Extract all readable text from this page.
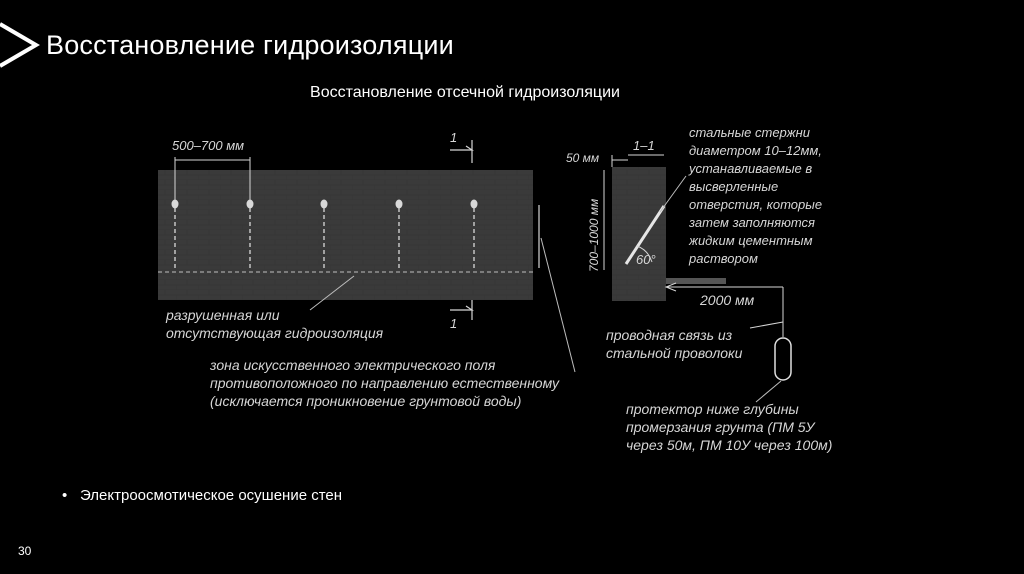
Восстановление гидроизоляции
Восстановление отсечной гидроизоляции
500–700 мм
1
1
разрушенная или
отсутствующая гидроизоляция
зона искусственного электрического поля
противоположного по направлению естественному
(исключается проникновение грунтовой воды)
60°
1–1
50 мм
700–1000 мм
стальные стержни
диаметром 10–12мм,
устанавливаемые в
высверленные
отверстия, которые
затем заполняются
жидким цементным
раствором
2000 мм
проводная связь из
стальной проволоки
протектор ниже глубины
промерзания грунта (ПМ 5У
через 50м, ПМ 10У через 100м)
• Электроосмотическое осушение стен
30
